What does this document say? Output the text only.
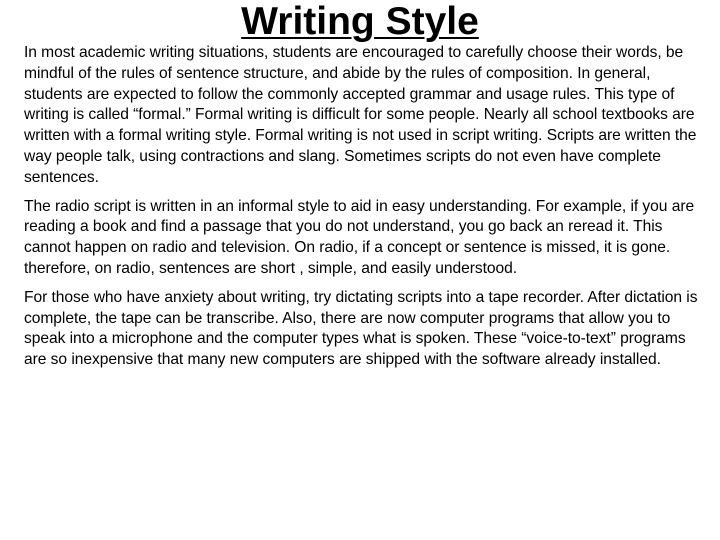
Writing Style

In most academic writing situations, students are encouraged to carefully choose their words, be mindful of the rules of sentence structure, and abide by the rules of composition. In general, students are expected to follow the commonly accepted grammar and usage rules. This type of writing is called “formal.” Formal writing is difficult for some people. Nearly all school textbooks are written with a formal writing style. Formal writing is not used in script writing. Scripts are written the way people talk, using contractions and slang. Sometimes scripts do not even have complete sentences.

The radio script is written in an informal style to aid in easy understanding. For example, if you are reading a book and find a passage that you do not understand, you go back an reread it. This cannot happen on radio and television. On radio, if a concept or sentence is missed, it is gone. therefore, on radio, sentences are short , simple, and easily understood.

For those who have anxiety about writing, try dictating scripts into a tape recorder. After dictation is complete, the tape can be transcribe. Also, there are now computer programs that allow you to speak into a microphone and the computer types what is spoken. These “voice-to-text” programs are so inexpensive that many new computers are shipped with the software already installed.
